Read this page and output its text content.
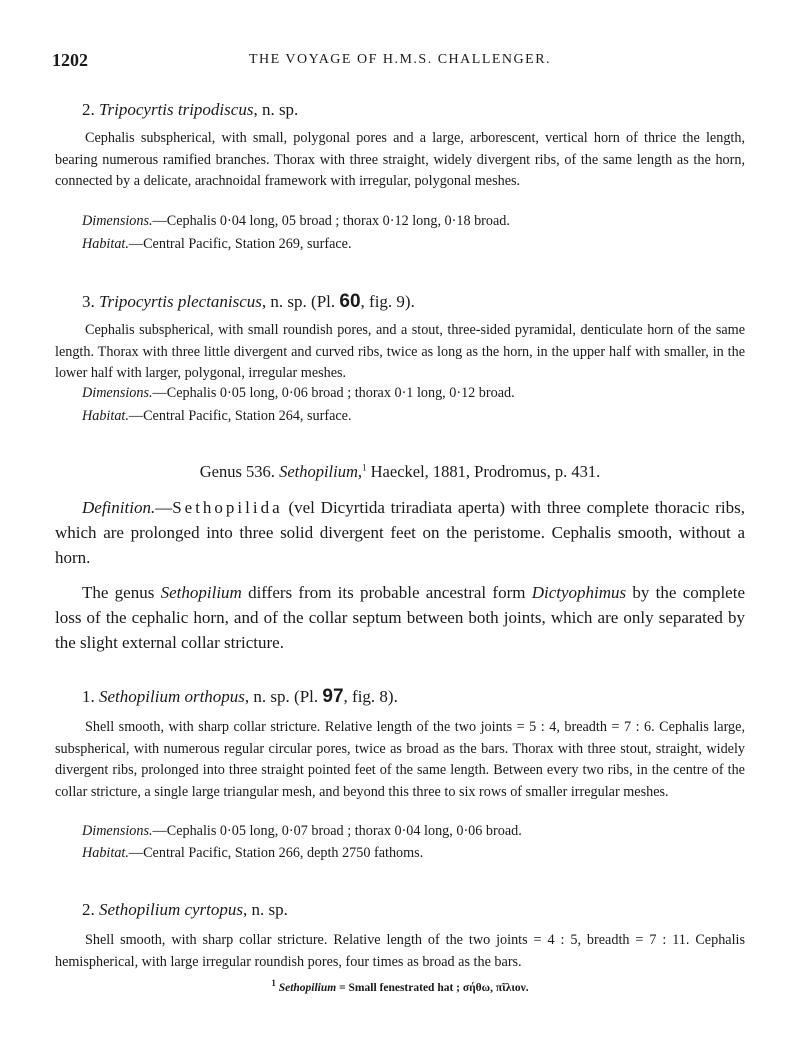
1202	THE VOYAGE OF H.M.S. CHALLENGER.
2. Tripocyrtis tripodiscus, n. sp.

Cephalis subspherical, with small, polygonal pores and a large, arborescent, vertical horn of thrice the length, bearing numerous ramified branches. Thorax with three straight, widely divergent ribs, of the same length as the horn, connected by a delicate, arachnoidal framework with irregular, polygonal meshes.

Dimensions.—Cephalis 0·04 long, 05 broad ; thorax 0·12 long, 0·18 broad.
Habitat.—Central Pacific, Station 269, surface.
3. Tripocyrtis plectaniscus, n. sp. (Pl. 60, fig. 9).

Cephalis subspherical, with small roundish pores, and a stout, three-sided pyramidal, denticulate horn of the same length. Thorax with three little divergent and curved ribs, twice as long as the horn, in the upper half with smaller, in the lower half with larger, polygonal, irregular meshes.

Dimensions.—Cephalis 0·05 long, 0·06 broad ; thorax 0·1 long, 0·12 broad.
Habitat.—Central Pacific, Station 264, surface.
Genus 536. Sethopilium,$^1$ Haeckel, 1881, Prodromus, p. 431.

Definition.—Sethopilida (vel Dicyrtida triradiata aperta) with three complete thoracic ribs, which are prolonged into three solid divergent feet on the peristome. Cephalis smooth, without a horn.

The genus Sethopilium differs from its probable ancestral form Dictyophimus by the complete loss of the cephalic horn, and of the collar septum between both joints, which are only separated by the slight external collar stricture.

1. Sethopilium orthopus, n. sp. (Pl. 97, fig. 8).

Shell smooth, with sharp collar stricture. Relative length of the two joints = 5 : 4, breadth = 7 : 6. Cephalis large, subspherical, with numerous regular circular pores, twice as broad as the bars. Thorax with three stout, straight, widely divergent ribs, prolonged into three straight pointed feet of the same length. Between every two ribs, in the centre of the collar stricture, a single large triangular mesh, and beyond this three to six rows of smaller irregular meshes.

Dimensions.—Cephalis 0·05 long, 0·07 broad ; thorax 0·04 long, 0·06 broad.
Habitat.—Central Pacific, Station 266, depth 2750 fathoms.
2. Sethopilium cyrtopus, n. sp.

Shell smooth, with sharp collar stricture. Relative length of the two joints = 4 : 5, breadth = 7 : 11. Cephalis hemispherical, with large irregular roundish pores, four times as broad as the bars.

$^1$ Sethopilium = Small fenestrated hat ; σήθω, πῖλιον.
